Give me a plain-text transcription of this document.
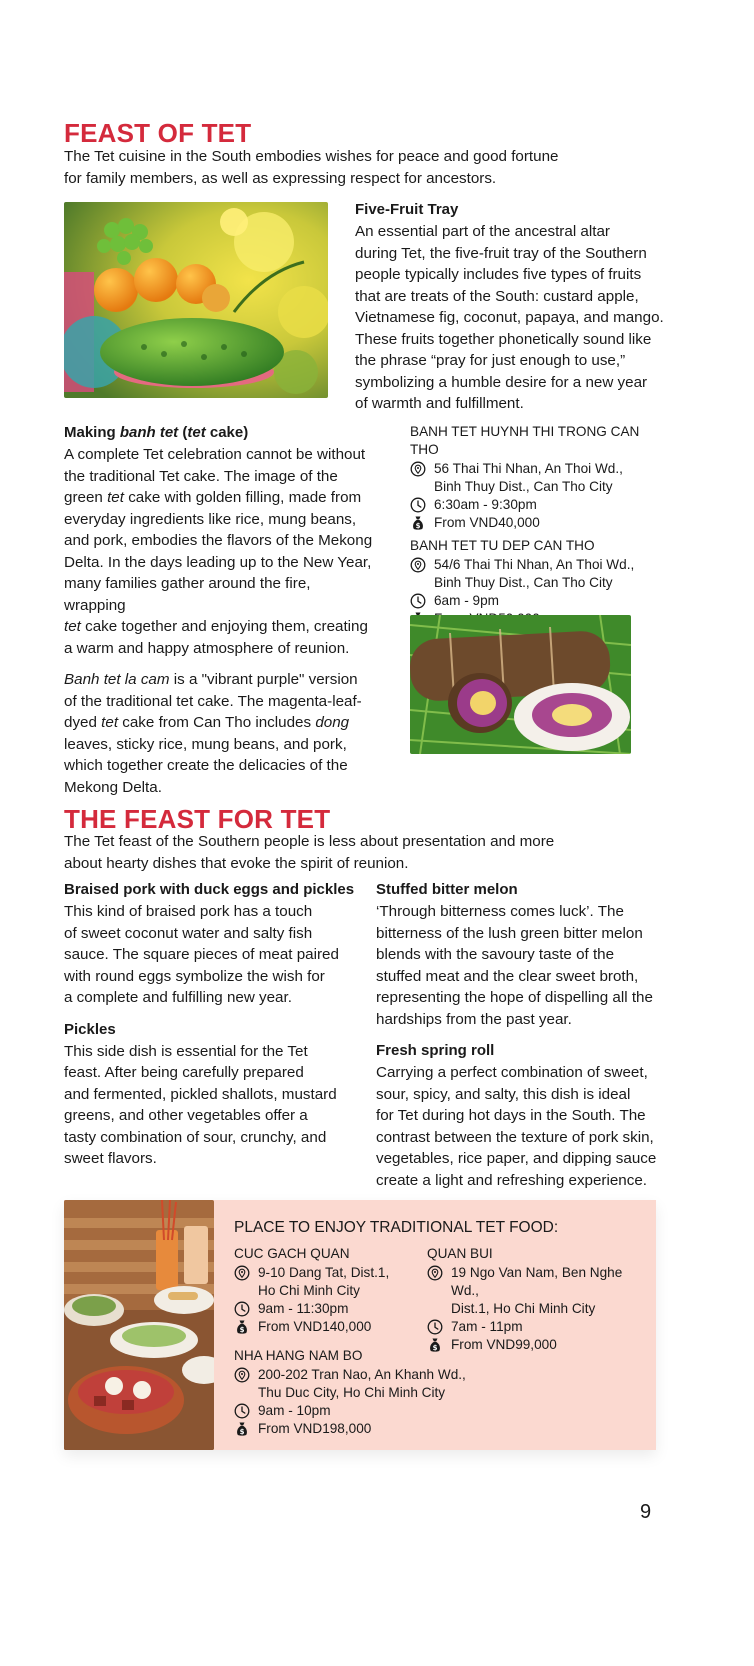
FEAST OF TET
The Tet cuisine in the South embodies wishes for peace and good fortune
for family members, as well as expressing respect for ancestors.
Five-Fruit Tray
An essential part of the ancestral altar
during Tet, the five-fruit tray of the Southern
people typically includes five types of fruits
that are treats of the South: custard apple,
Vietnamese fig, coconut, papaya, and mango.
These fruits together phonetically sound like
the phrase “pray for just enough to use,”
symbolizing a humble desire for a new year
of warmth and fulfillment.
Making banh tet (tet cake)
A complete Tet celebration cannot be without
the traditional Tet cake. The image of the
green tet cake with golden filling, made from
everyday ingredients like rice, mung beans,
and pork, embodies the flavors of the Mekong
Delta. In the days leading up to the New Year,
many families gather around the fire, wrapping
tet cake together and enjoying them, creating
a warm and happy atmosphere of reunion.
Banh tet la cam is a "vibrant purple" version
of the traditional tet cake. The magenta-leaf-
dyed tet cake from Can Tho includes dong
leaves, sticky rice, mung beans, and pork,
which together create the delicacies of the
Mekong Delta.
BANH TET HUYNH THI TRONG CAN THO
56 Thai Thi Nhan, An Thoi Wd.,
Binh Thuy Dist., Can Tho City
6:30am - 9:30pm
$ From VND40,000
BANH TET TU DEP CAN THO
54/6 Thai Thi Nhan, An Thoi Wd.,
Binh Thuy Dist., Can Tho City
6am - 9pm
THE FEAST FOR TET
The Tet feast of the Southern people is less about presentation and more
about hearty dishes that evoke the spirit of reunion.
Braised pork with duck eggs and pickles
This kind of braised pork has a touch
of sweet coconut water and salty fish
sauce. The square pieces of meat paired
with round eggs symbolize the wish for
a complete and fulfilling new year.
Pickles
This side dish is essential for the Tet
feast. After being carefully prepared
and fermented, pickled shallots, mustard
greens, and other vegetables offer a
tasty combination of sour, crunchy, and
sweet flavors.
Stuffed bitter melon
‘Through bitterness comes luck’. The
bitterness of the lush green bitter melon
blends with the savoury taste of the
stuffed meat and the clear sweet broth,
representing the hope of dispelling all the
hardships from the past year.
Fresh spring roll
Carrying a perfect combination of sweet,
sour, spicy, and salty, this dish is ideal
for Tet during hot days in the South. The
contrast between the texture of pork skin,
vegetables, rice paper, and dipping sauce
create a light and refreshing experience.
PLACE TO ENJOY TRADITIONAL TET FOOD:
CUC GACH QUAN
9-10 Dang Tat, Dist.1,
Ho Chi Minh City
9am - 11:30pm
$ From VND140,000
QUAN BUI
19 Ngo Van Nam, Ben Nghe Wd.,
Dist.1, Ho Chi Minh City
7am - 11pm
$ From VND99,000
NHA HANG NAM BO
200-202 Tran Nao, An Khanh Wd.,
Thu Duc City, Ho Chi Minh City
9am - 10pm
$ From VND198,000
9
